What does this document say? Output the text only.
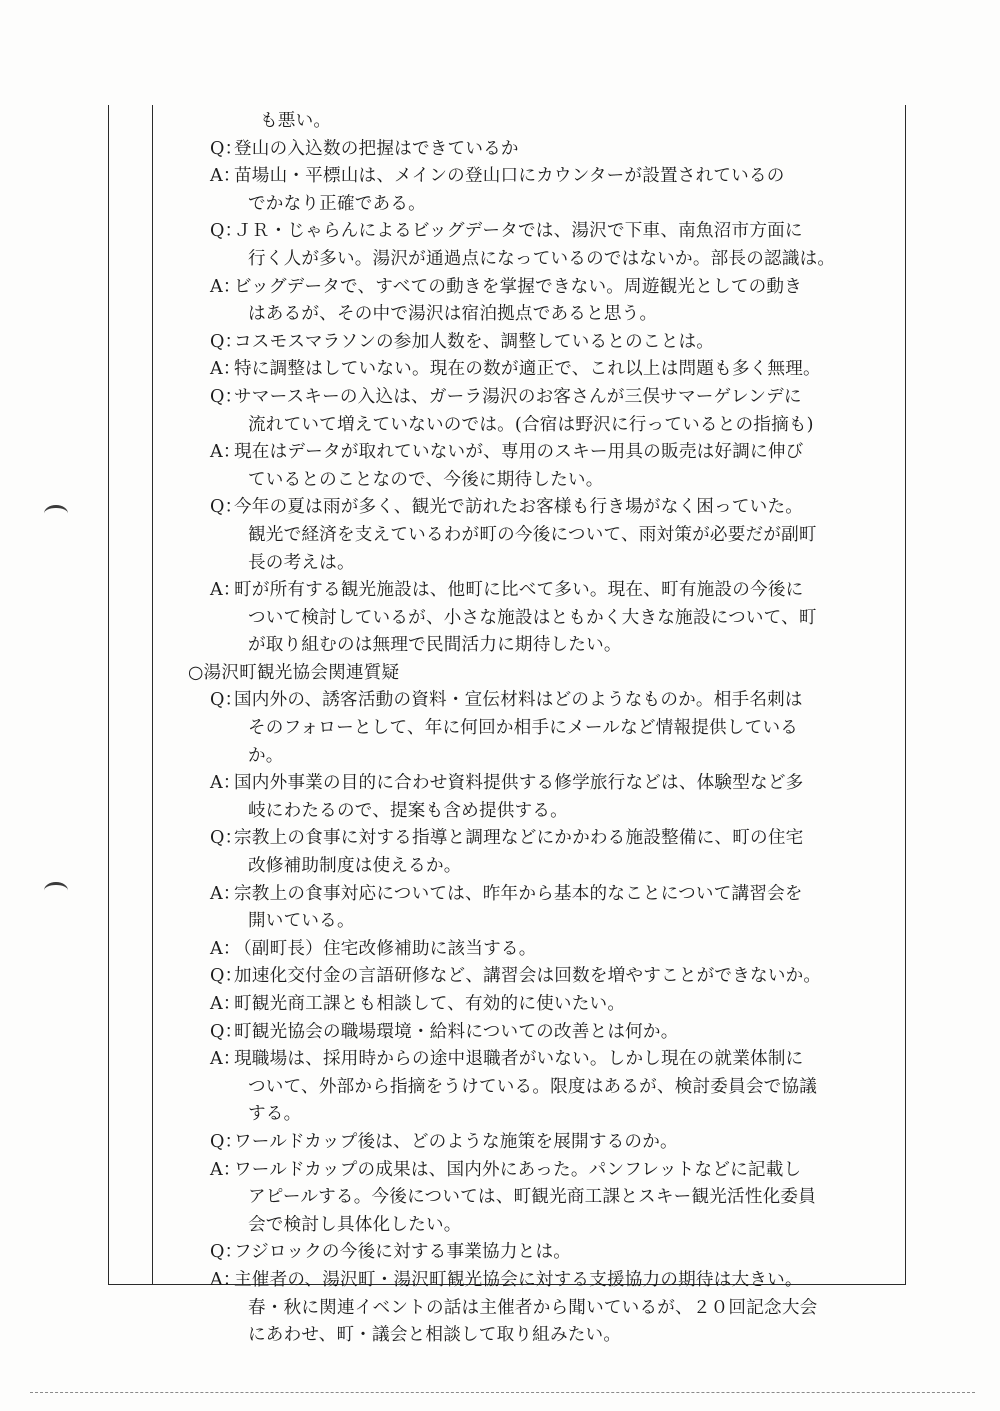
も悪い。
Q：
登山の入込数の把握はできているか
A：
苗場山・平標山は、メインの登山口にカウンターが設置されているの
でかなり正確である。
Q：
ＪＲ・じゃらんによるビッグデータでは、湯沢で下車、南魚沼市方面に
行く人が多い。湯沢が通過点になっているのではないか。部長の認識は。
A：
ビッグデータで、すべての動きを掌握できない。周遊観光としての動き
はあるが、その中で湯沢は宿泊拠点であると思う。
Q：
コスモスマラソンの参加人数を、調整しているとのことは。
A：
特に調整はしていない。現在の数が適正で、これ以上は問題も多く無理。
Q：
サマースキーの入込は、ガーラ湯沢のお客さんが三俣サマーゲレンデに
流れていて増えていないのでは。(合宿は野沢に行っているとの指摘も)
A：
現在はデータが取れていないが、専用のスキー用具の販売は好調に伸び
ているとのことなので、今後に期待したい。
Q：
今年の夏は雨が多く、観光で訪れたお客様も行き場がなく困っていた。
観光で経済を支えているわが町の今後について、雨対策が必要だが副町
長の考えは。
A：
町が所有する観光施設は、他町に比べて多い。現在、町有施設の今後に
ついて検討しているが、小さな施設はともかく大きな施設について、町
が取り組むのは無理で民間活力に期待したい。
○湯沢町観光協会関連質疑
Q：
国内外の、誘客活動の資料・宣伝材料はどのようなものか。相手名刺は
そのフォローとして、年に何回か相手にメールなど情報提供している
か。
A：
国内外事業の目的に合わせ資料提供する修学旅行などは、体験型など多
岐にわたるので、提案も含め提供する。
Q：
宗教上の食事に対する指導と調理などにかかわる施設整備に、町の住宅
改修補助制度は使えるか。
A：
宗教上の食事対応については、昨年から基本的なことについて講習会を
開いている。
A：
（副町長）住宅改修補助に該当する。
Q：
加速化交付金の言語研修など、講習会は回数を増やすことができないか。
A：
町観光商工課とも相談して、有効的に使いたい。
Q：
町観光協会の職場環境・給料についての改善とは何か。
A：
現職場は、採用時からの途中退職者がいない。しかし現在の就業体制に
ついて、外部から指摘をうけている。限度はあるが、検討委員会で協議
する。
Q：
ワールドカップ後は、どのような施策を展開するのか。
A：
ワールドカップの成果は、国内外にあった。パンフレットなどに記載し
アピールする。今後については、町観光商工課とスキー観光活性化委員
会で検討し具体化したい。
Q：
フジロックの今後に対する事業協力とは。
A：
主催者の、湯沢町・湯沢町観光協会に対する支援協力の期待は大きい。
春・秋に関連イベントの話は主催者から聞いているが、２０回記念大会
にあわせ、町・議会と相談して取り組みたい。
